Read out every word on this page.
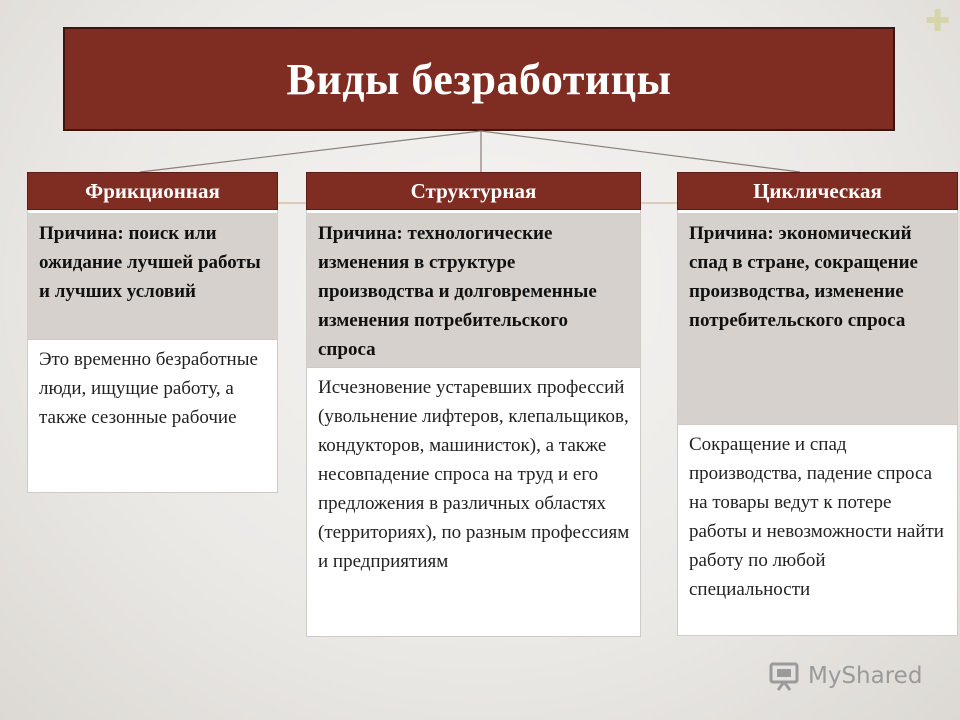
✚
Виды безработицы
Фрикционная
Причина: поиск или ожидание лучшей работы и лучших условий
Это временно безработные люди, ищущие работу, а также сезонные рабочие
Структурная
Причина: технологические изменения в структуре производства и долговременные изменения потребительского спроса
Исчезновение устаревших профессий (увольнение лифтеров, клепальщиков, кондукторов, машинисток), а также несовпадение спроса на труд и его предложения в различных областях (территориях), по разным профессиям и предприятиям
Циклическая
Причина: экономический спад в стране, сокращение производства, изменение потребительского спроса
Сокращение и спад производства, падение спроса на товары ведут к потере работы и невозможности найти работу по любой специальности
MyShared
